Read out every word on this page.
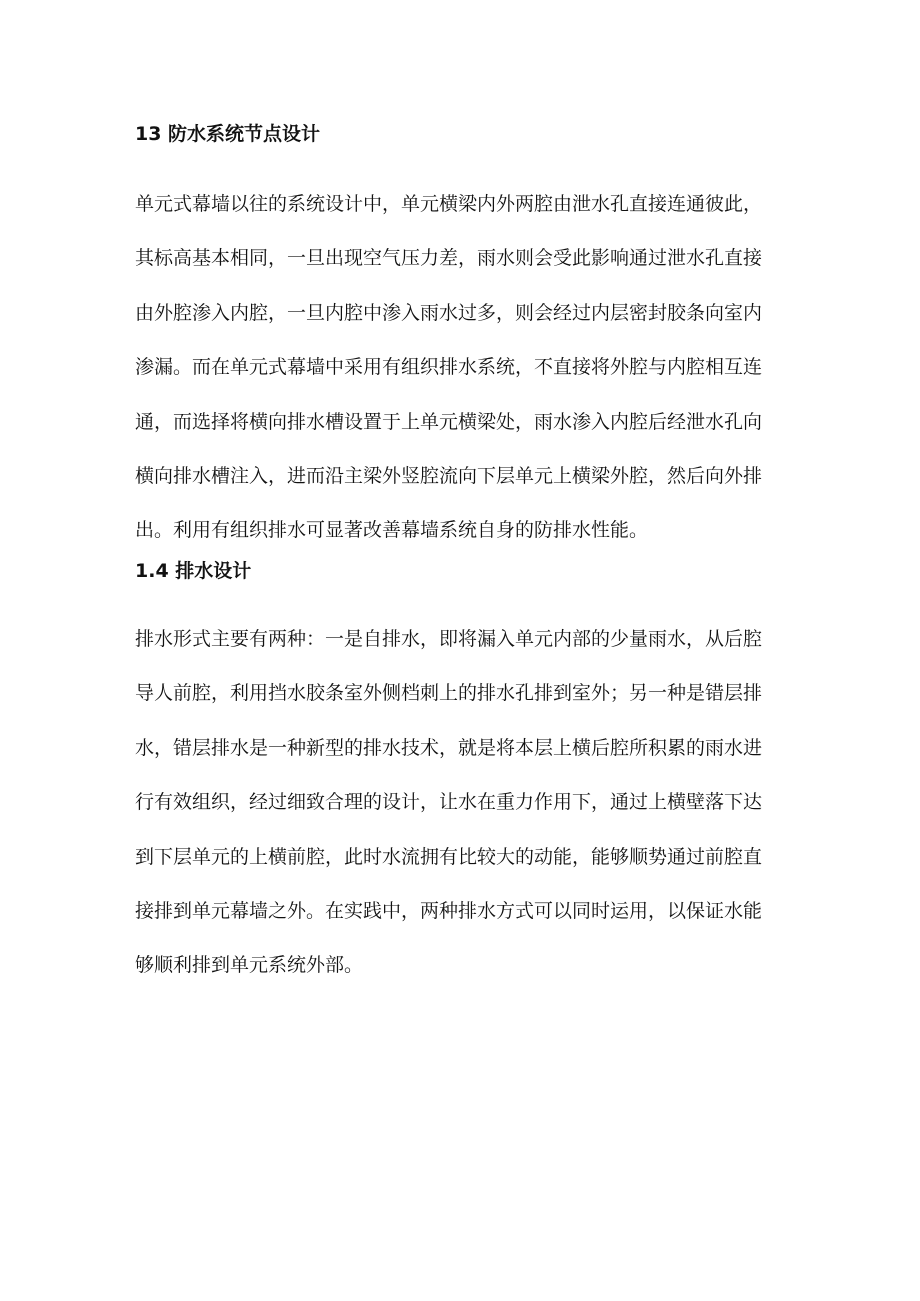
13 防水系统节点设计
单元式幕墙以往的系统设计中，单元横梁内外两腔由泄水孔直接连通彼此，
其标高基本相同，一旦出现空气压力差，雨水则会受此影响通过泄水孔直接
由外腔渗入内腔，一旦内腔中渗入雨水过多，则会经过内层密封胶条向室内
渗漏。而在单元式幕墙中采用有组织排水系统，不直接将外腔与内腔相互连
通，而选择将横向排水槽设置于上单元横梁处，雨水渗入内腔后经泄水孔向
横向排水槽注入，进而沿主梁外竖腔流向下层单元上横梁外腔，然后向外排
出。利用有组织排水可显著改善幕墙系统自身的防排水性能。
1.4 排水设计
排水形式主要有两种：一是自排水，即将漏入单元内部的少量雨水，从后腔
导人前腔，利用挡水胶条室外侧档刺上的排水孔排到室外；另一种是错层排
水，错层排水是一种新型的排水技术，就是将本层上横后腔所积累的雨水进
行有效组织，经过细致合理的设计，让水在重力作用下，通过上横壁落下达
到下层单元的上横前腔，此时水流拥有比较大的动能，能够顺势通过前腔直
接排到单元幕墙之外。在实践中，两种排水方式可以同时运用，以保证水能
够顺利排到单元系统外部。
